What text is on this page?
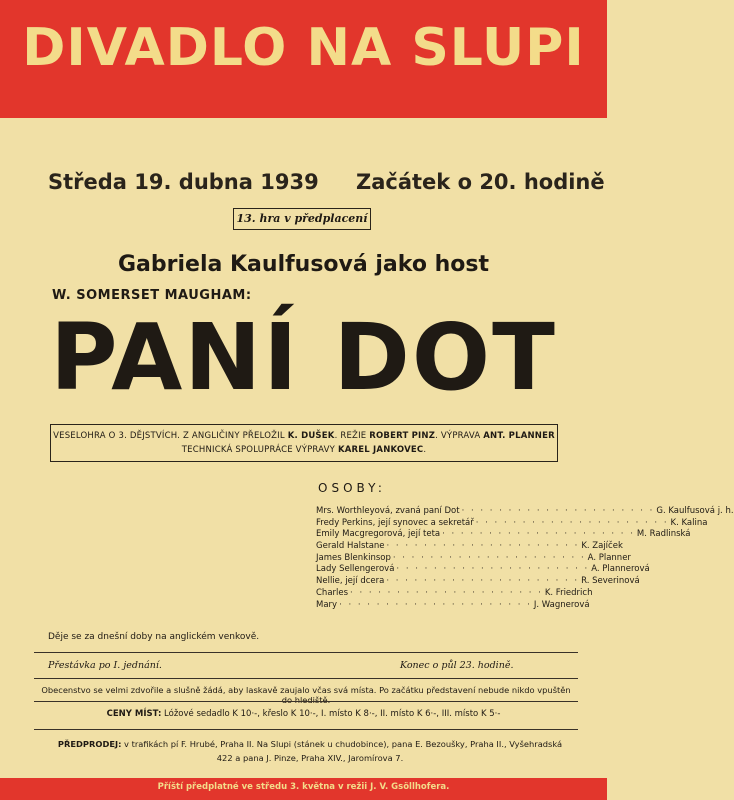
DIVADLO NA SLUPI
Středa 19. dubna 1939 Začátek o 20. hodině
13. hra v předplacení
Gabriela Kaulfusová jako host
W. SOMERSET MAUGHAM:
PANÍ DOT
VESELOHRA O 3. DĚJSTVÍCH. Z ANGLIČINY PŘELOŽIL K. DUŠEK. REŽIE ROBERT PINZ. VÝPRAVA ANT. PLANNER
TECHNICKÁ SPOLUPRÁCE VÝPRAVY KAREL JANKOVEC.
OSOBY:
Mrs. Worthleyová, zvaná paní Dot · · · · · · · · · · · · · · · · · · · · · G. Kaulfusová j. h.
Fredy Perkins, její synovec a sekretář · · · · · · · · · · · · · · · · · · · · · K. Kalina
Emily Macgregorová, její teta · · · · · · · · · · · · · · · · · · · · · M. Radlinská
Gerald Halstane · · · · · · · · · · · · · · · · · · · · · K. Zajíček
James Blenkinsop · · · · · · · · · · · · · · · · · · · · · A. Planner
Lady Sellengerová · · · · · · · · · · · · · · · · · · · · · A. Plannerová
Nellie, její dcera · · · · · · · · · · · · · · · · · · · · · R. Severinová
Charles · · · · · · · · · · · · · · · · · · · · · K. Friedrich
Mary · · · · · · · · · · · · · · · · · · · · · J. Wagnerová
Děje se za dnešní doby na anglickém venkově.
Přestávka po I. jednání.	Konec o půl 23. hodině.
Obecenstvo se velmi zdvořile a slušně žádá, aby laskavě zaujalo včas svá místa. Po začátku představení nebude nikdo vpuštěn do hlediště.
CENY MÍST: Lóžové sedadlo K 10·-, křeslo K 10·-, I. místo K 8·-, II. místo K 6·-, III. místo K 5·-
PŘEDPRODEJ: v trafikách pí F. Hrubé, Praha II. Na Slupi (stánek u chudobince), pana E. Bezoušky, Praha II., Vyšehradská 422 a pana J. Pinze, Praha XIV., Jaromírova 7.
Příští předplatné ve středu 3. května v režii J. V. Gsöllhofera.
